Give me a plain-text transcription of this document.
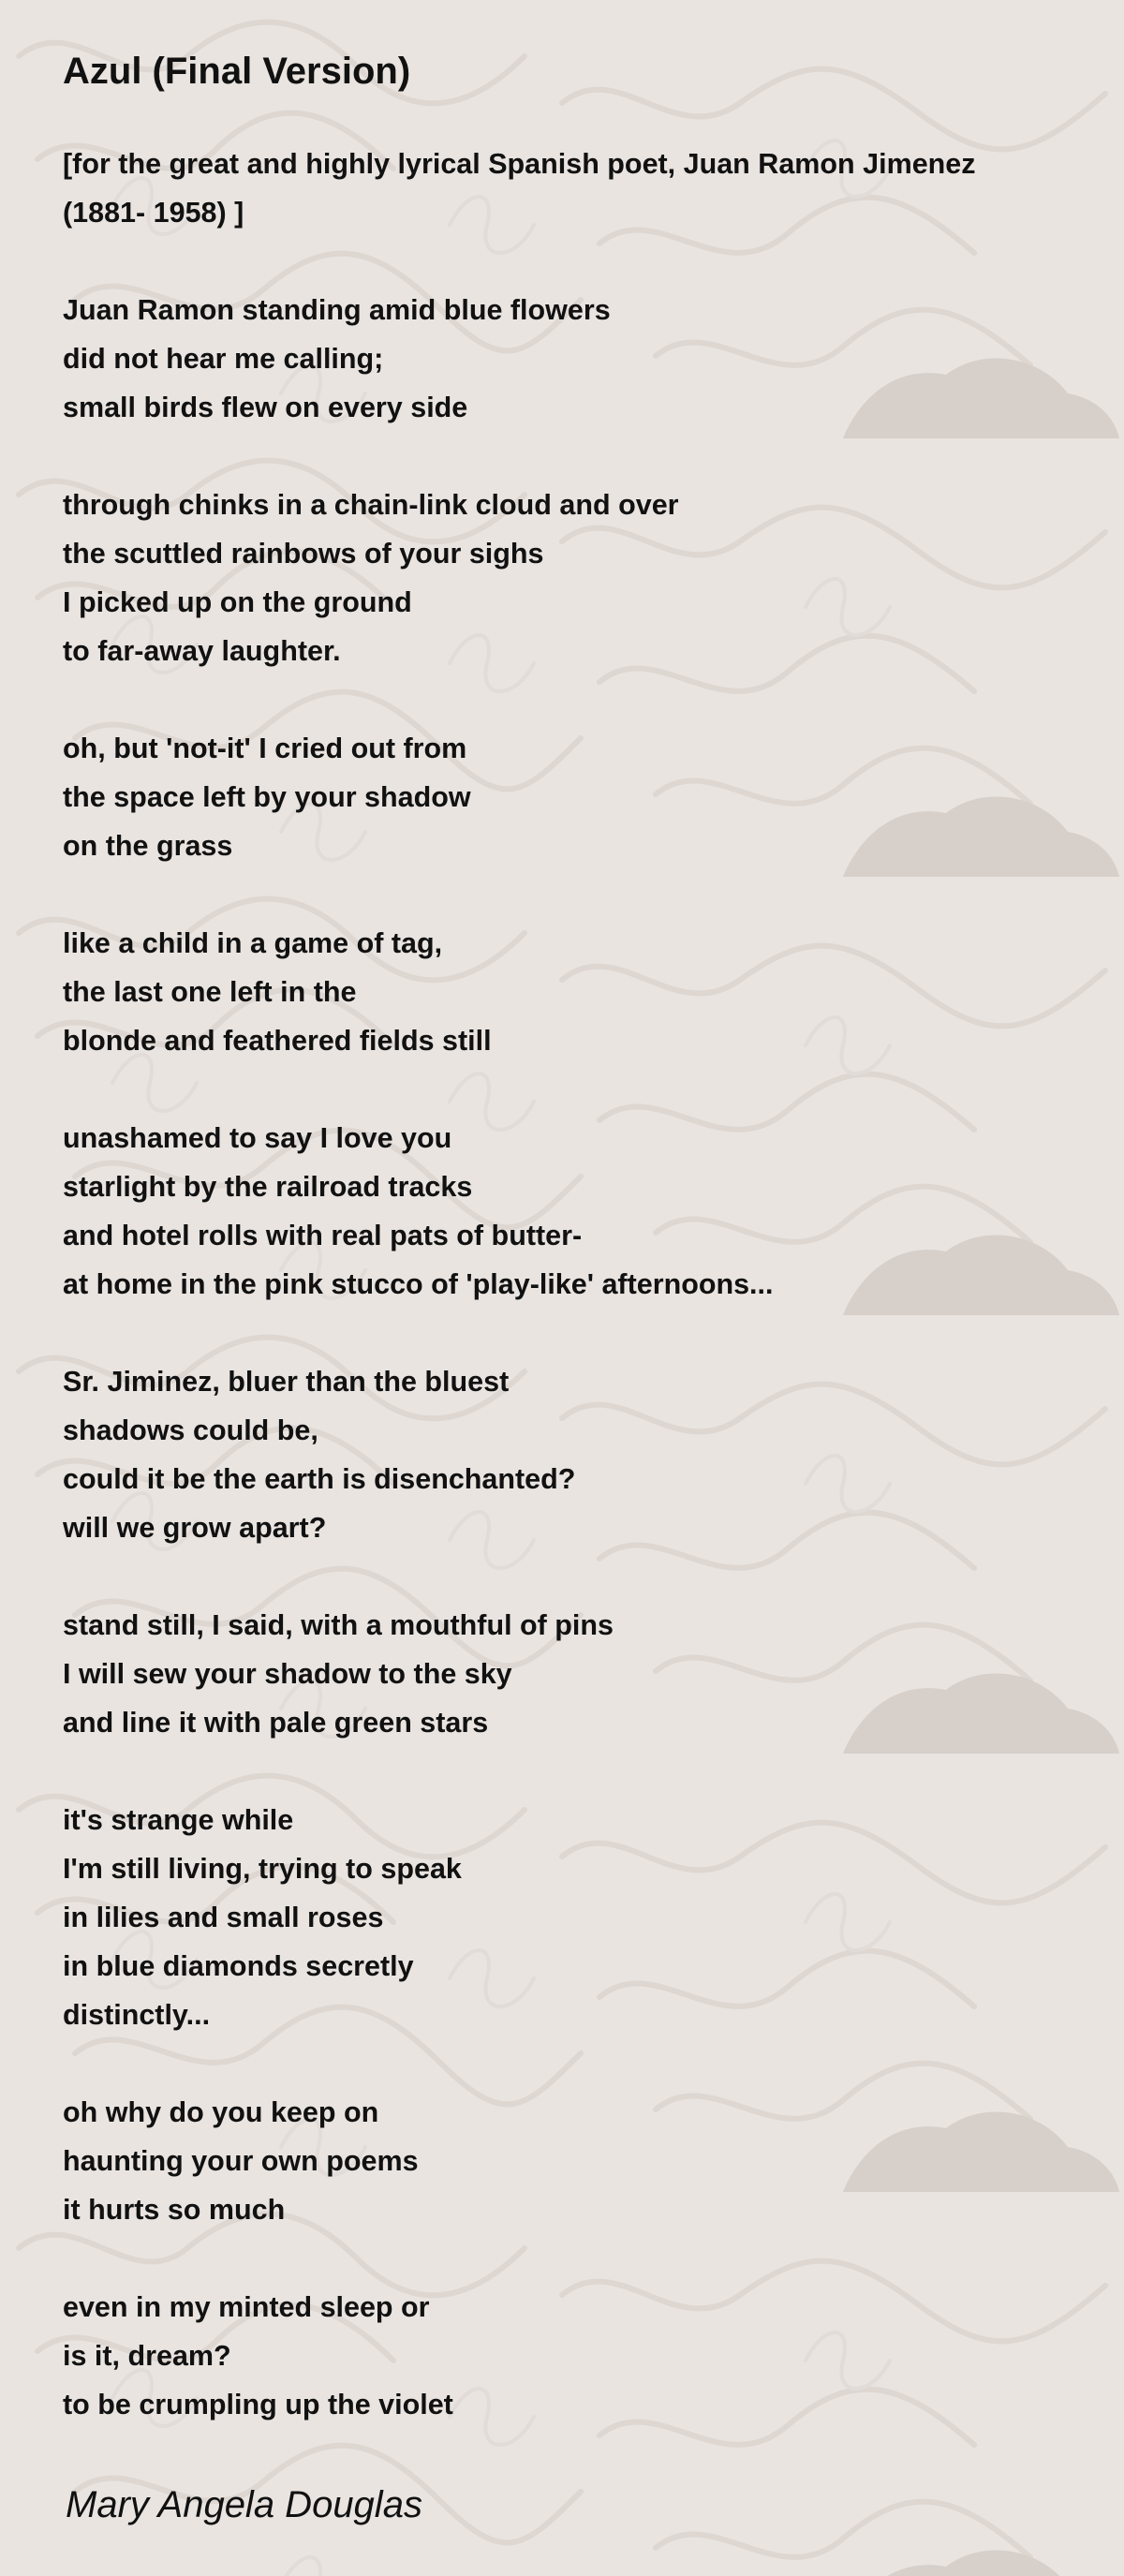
Azul (Final Version)
[for the great and highly lyrical Spanish poet, Juan Ramon Jimenez
(1881- 1958) ]
Juan Ramon standing amid blue flowers
did not hear me calling;
small birds flew on every side
through chinks in a chain-link cloud and over
the scuttled rainbows of your sighs
I picked up on the ground
to far-away laughter.
oh, but 'not-it' I cried out from
the space left by your shadow
on the grass
like a child in a game of tag,
the last one left in the
blonde and feathered fields still
unashamed to say I love you
starlight by the railroad tracks
and hotel rolls with real pats of butter-
at home in the pink stucco of 'play-like' afternoons...
Sr. Jiminez, bluer than the bluest
shadows could be,
could it be the earth is disenchanted?
will we grow apart?
stand still, I said, with a mouthful of pins
I will sew your shadow to the sky
and line it with pale green stars
it's strange while
I'm still living, trying to speak
in lilies and small roses
in blue diamonds secretly
distinctly...
oh why do you keep on
haunting your own poems
it hurts so much
even in my minted sleep or
is it, dream?
to be crumpling up the violet

Mary Angela Douglas
